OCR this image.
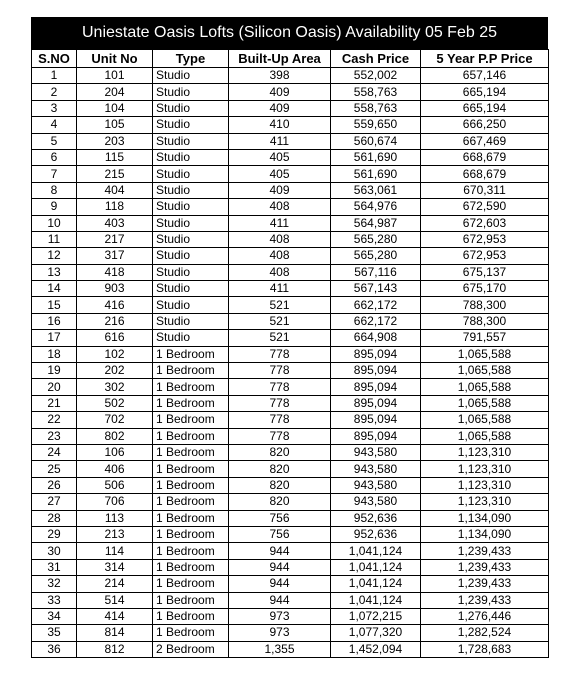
Uniestate Oasis Lofts (Silicon Oasis) Availability 05 Feb 25
S.NO	Unit No	Type	Built-Up Area	Cash Price	5 Year P.P Price
1	101	Studio	398	552,002	657,146
2	204	Studio	409	558,763	665,194
3	104	Studio	409	558,763	665,194
4	105	Studio	410	559,650	666,250
5	203	Studio	411	560,674	667,469
6	115	Studio	405	561,690	668,679
7	215	Studio	405	561,690	668,679
8	404	Studio	409	563,061	670,311
9	118	Studio	408	564,976	672,590
10	403	Studio	411	564,987	672,603
11	217	Studio	408	565,280	672,953
12	317	Studio	408	565,280	672,953
13	418	Studio	408	567,116	675,137
14	903	Studio	411	567,143	675,170
15	416	Studio	521	662,172	788,300
16	216	Studio	521	662,172	788,300
17	616	Studio	521	664,908	791,557
18	102	1 Bedroom	778	895,094	1,065,588
19	202	1 Bedroom	778	895,094	1,065,588
20	302	1 Bedroom	778	895,094	1,065,588
21	502	1 Bedroom	778	895,094	1,065,588
22	702	1 Bedroom	778	895,094	1,065,588
23	802	1 Bedroom	778	895,094	1,065,588
24	106	1 Bedroom	820	943,580	1,123,310
25	406	1 Bedroom	820	943,580	1,123,310
26	506	1 Bedroom	820	943,580	1,123,310
27	706	1 Bedroom	820	943,580	1,123,310
28	113	1 Bedroom	756	952,636	1,134,090
29	213	1 Bedroom	756	952,636	1,134,090
30	114	1 Bedroom	944	1,041,124	1,239,433
31	314	1 Bedroom	944	1,041,124	1,239,433
32	214	1 Bedroom	944	1,041,124	1,239,433
33	514	1 Bedroom	944	1,041,124	1,239,433
34	414	1 Bedroom	973	1,072,215	1,276,446
35	814	1 Bedroom	973	1,077,320	1,282,524
36	812	2 Bedroom	1,355	1,452,094	1,728,683
